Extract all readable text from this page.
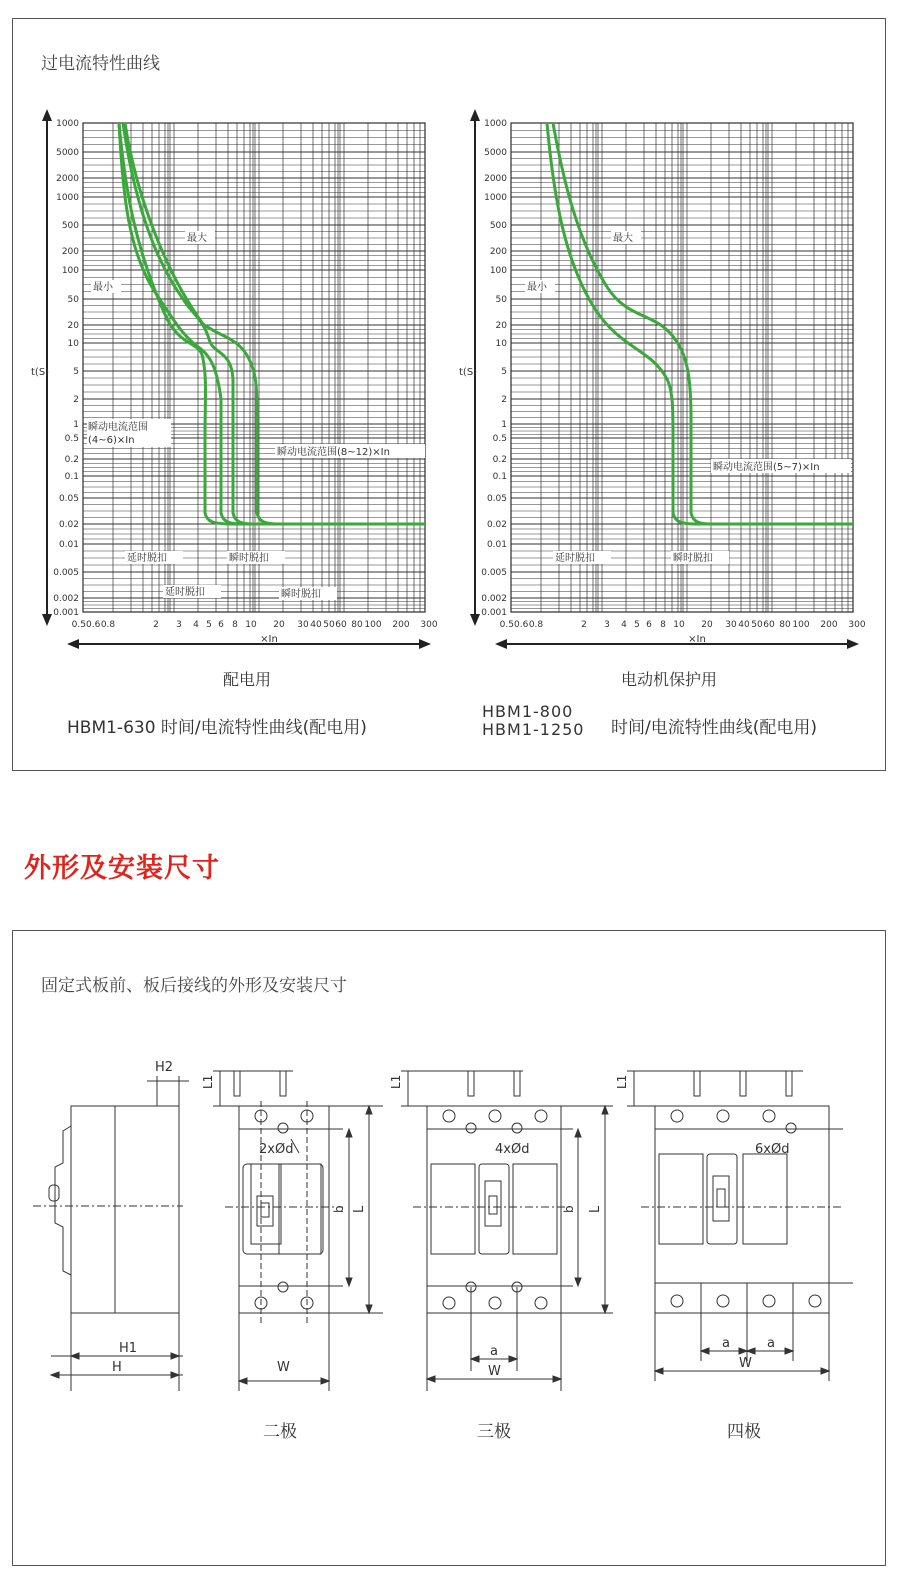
过电流特性曲线
t(S)
1000
5000
2000
1000
500
200
100
50
20
10
5
2
1
0.5
0.2
0.1
0.05
0.02
0.01
0.005
0.002
0.001
0.50.6 0.8	2 3 4 5 6 8 10 20 30 40 50 60 80 100 200 300
×In
最大
最小
瞬动电流范围
(4~6)×In
瞬动电流范围(8~12)×In
延时脱扣	瞬时脱扣
延时脱扣	瞬时脱扣
t(S)
1000
5000
2000
1000
500
200
100
50
20
10
5
2
1
0.5
0.2
0.1
0.05
0.02
0.01
0.005
0.002
0.001
0.50.6 0.8	2 3 4 5 6 8 10 20 30 40 50 60 80 100 200 300
×In
最大
最小
瞬动电流范围(5~7)×In
延时脱扣	瞬时脱扣
配电用
HBM1-630 时间/电流特性曲线(配电用)
电动机保护用
HBM1-800
HBM1-1250 时间/电流特性曲线(配电用)
外形及安装尺寸
固定式板前、板后接线的外形及安装尺寸
H2
H1
H
L1
2xØd
b L
W
L1
4xØd
b L
a
W
L1
6xØd
a	a
W
二极	三极	四极
